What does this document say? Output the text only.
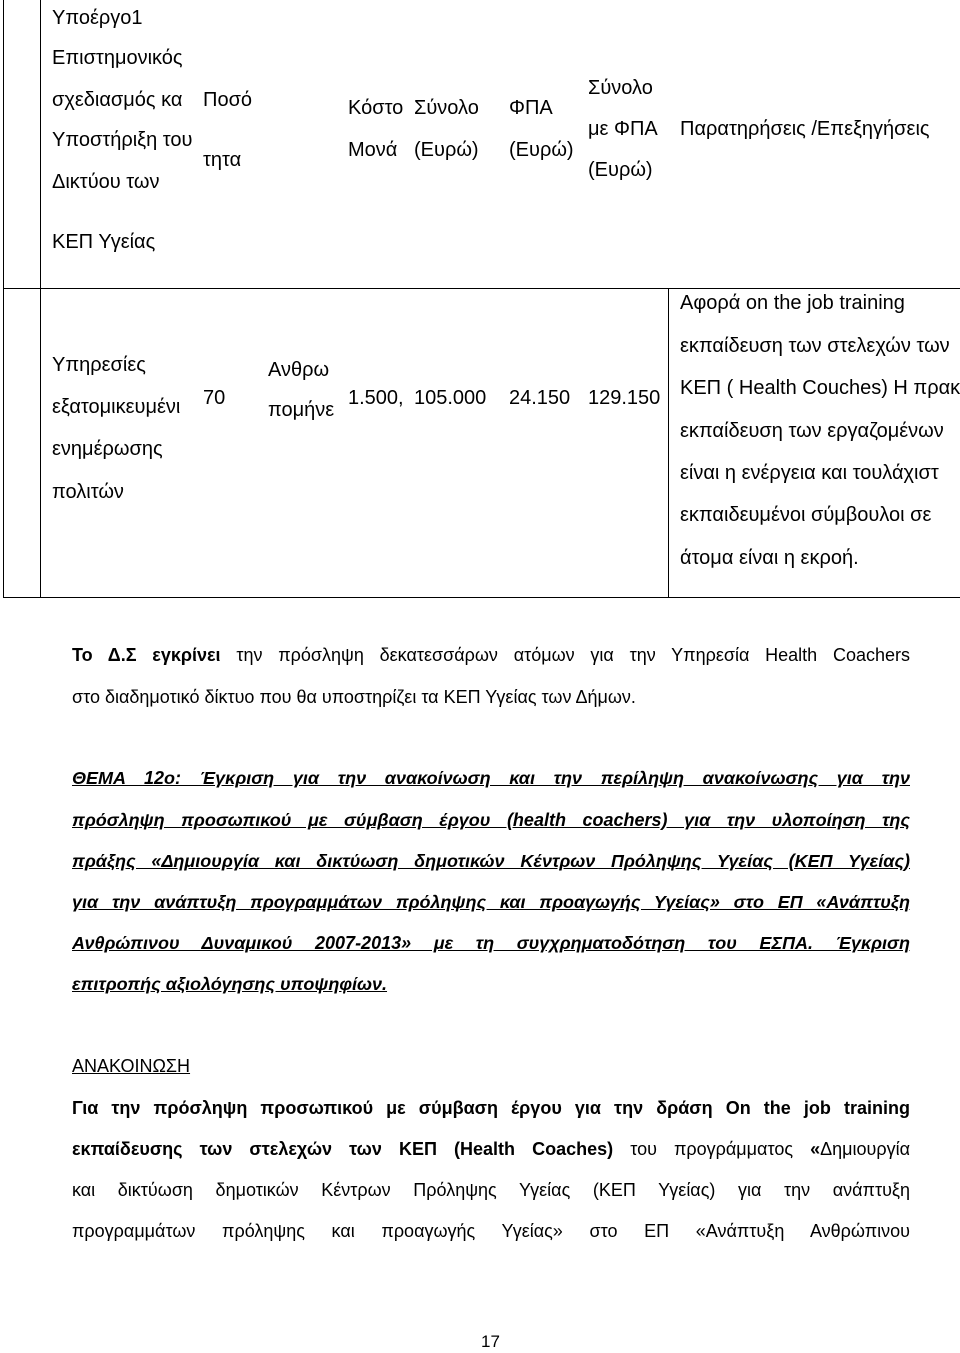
Υποέργο1
Επιστημονικός
σχεδιασμός κα
Υποστήριξη του
Δικτύου των
ΚΕΠ Υγείας
Ποσό
τητα
Κόστο
Μονά
Σύνολο
(Ευρώ)
ΦΠΑ
(Ευρώ)
Σύνολο
με ΦΠΑ
(Ευρώ)
Παρατηρήσεις /Επεξηγήσεις
Υπηρεσίες
εξατομικευμένι
ενημέρωσης
πολιτών
70
Ανθρω
πομήνε
1.500, 105.000 24.150 129.150
Αφορά on the job training
εκπαίδευση των στελεχών των
ΚΕΠ ( Health Couches) Η πρακ
εκπαίδευση των εργαζομένων
είναι η ενέργεια και τουλάχιστ
εκπαιδευμένοι σύμβουλοι σε
άτομα είναι η εκροή.
Το Δ.Σ εγκρίνει την πρόσληψη δεκατεσσάρων ατόμων για την Υπηρεσία Health Coachers
στο διαδημοτικό δίκτυο που θα υποστηρίζει τα ΚΕΠ Υγείας των Δήμων.
ΘΕΜΑ 12ο: Έγκριση για την ανακοίνωση και την περίληψη ανακοίνωσης για την
πρόσληψη προσωπικού με σύμβαση έργου (health coachers) για την υλοποίηση της
πράξης «Δημιουργία και δικτύωση δημοτικών Κέντρων Πρόληψης Υγείας (ΚΕΠ Υγείας)
για την ανάπτυξη προγραμμάτων πρόληψης και προαγωγής Υγείας» στο ΕΠ «Ανάπτυξη
Ανθρώπινου Δυναμικού 2007-2013» με τη συγχρηματοδότηση του ΕΣΠΑ. Έγκριση
επιτροπής αξιολόγησης υποψηφίων.
ΑΝΑΚΟΙΝΩΣΗ
Για την πρόσληψη προσωπικού με σύμβαση έργου για την δράση On the job training
εκπαίδευσης των στελεχών των ΚΕΠ (Health Coaches) του προγράμματος «Δημιουργία
και δικτύωση δημοτικών Κέντρων Πρόληψης Υγείας (ΚΕΠ Υγείας) για την ανάπτυξη
προγραμμάτων πρόληψης και προαγωγής Υγείας» στο ΕΠ «Ανάπτυξη Ανθρώπινου
17
